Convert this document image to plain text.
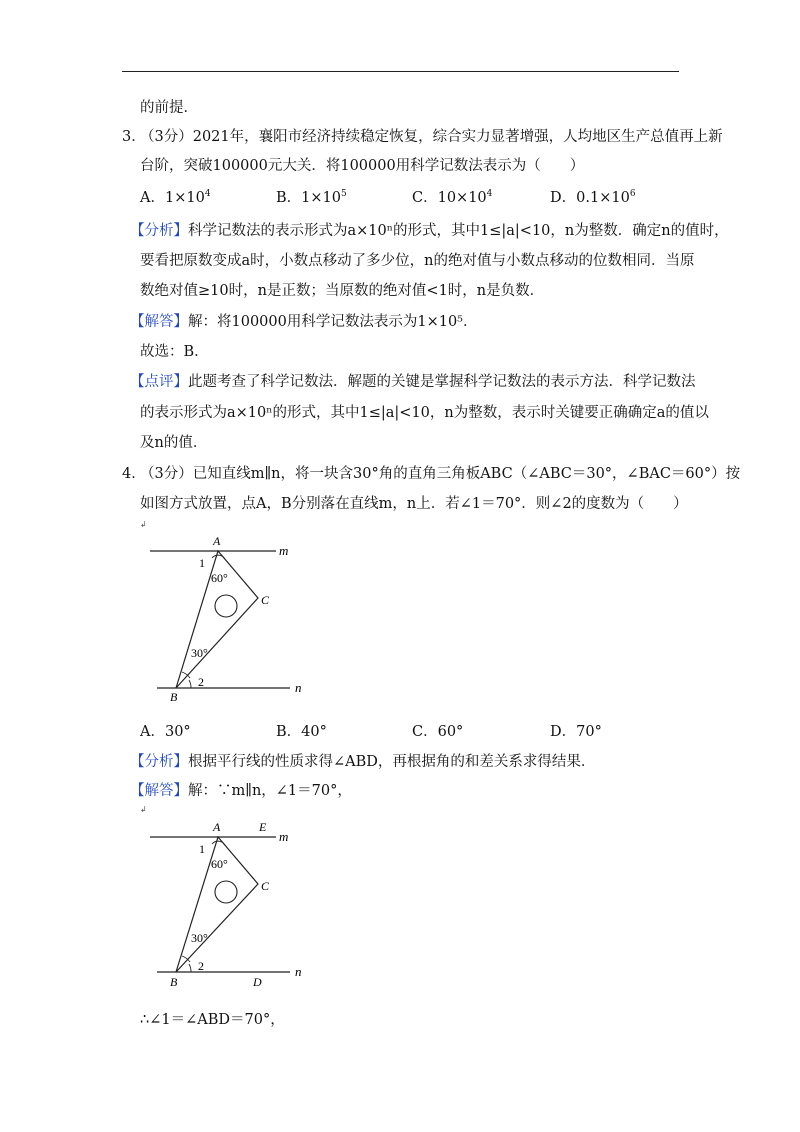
的前提．
3．
（3分）2021年，襄阳市经济持续稳定恢复，综合实力显著增强，人均地区生产总值再上新
台阶，突破100000元大关．将100000用科学记数法表示为（　　）
A．$1\times 10^4$	B．$1\times 10^5$	C．$10\times 10^4$	D．$0.1\times 10^6$
【分析】科学记数法的表示形式为a×10ⁿ的形式，其中1≤|a|<10，n为整数．确定n的值时，
要看把原数变成a时，小数点移动了多少位，n的绝对值与小数点移动的位数相同．当原
数绝对值≥10时，n是正数；当原数的绝对值<1时，n是负数．
【解答】解：将100000用科学记数法表示为1×10⁵．
故选：B．
【点评】此题考查了科学记数法．解题的关键是掌握科学记数法的表示方法．科学记数法
的表示形式为a×10ⁿ的形式，其中1≤|a|<10，n为整数，表示时关键要正确确定a的值以
及n的值．
4．
（3分）已知直线m∥n，将一块含30°角的直角三角板ABC（∠ABC＝30°，∠BAC＝60°）按
如图方式放置，点A，B分别落在直线m，n上．若∠1＝70°．则∠2的度数为（　　）
↲
A
m
1
60°
C
30°
2
B
n
A．30°	B．40°	C．60°	D．70°
【分析】根据平行线的性质求得∠ABD，再根据角的和差关系求得结果．
【解答】解：∵m∥n，∠1＝70°，
↲
A	E
m
1
60°
C
30°
2
B	D
n
∴∠1＝∠ABD＝70°，
